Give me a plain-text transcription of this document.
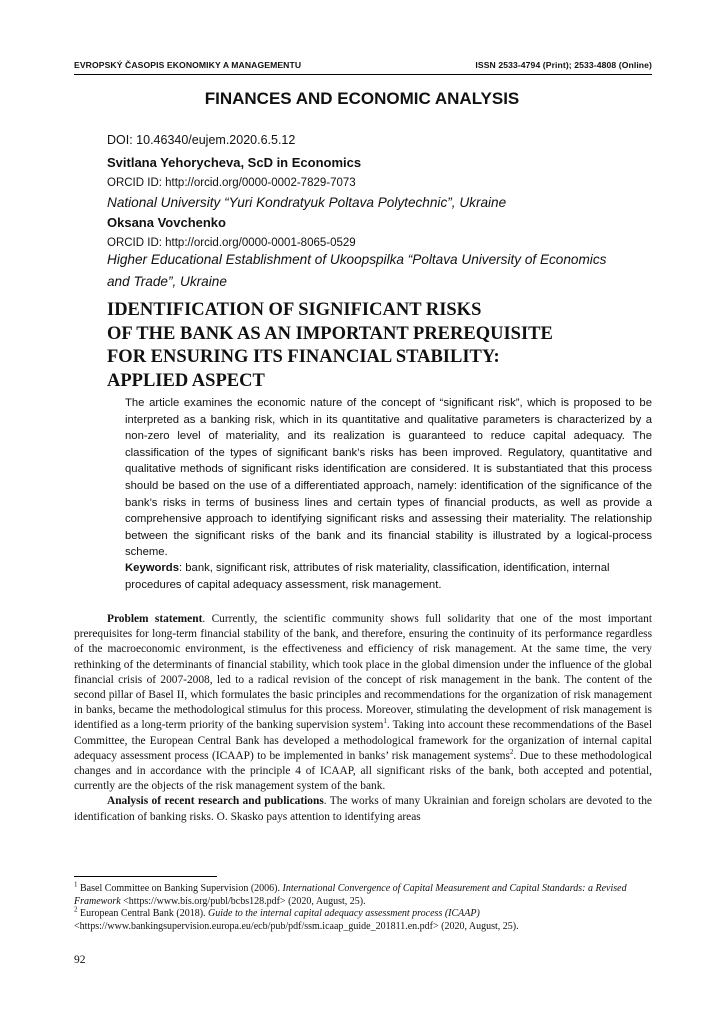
EVROPSKÝ ČASOPIS EKONOMIKY A MANAGEMENTU	ISSN 2533-4794 (Print); 2533-4808 (Online)
FINANCES AND ECONOMIC ANALYSIS
DOI: 10.46340/eujem.2020.6.5.12
Svitlana Yehorycheva, ScD in Economics
ORCID ID: http://orcid.org/0000-0002-7829-7073
National University “Yuri Kondratyuk Poltava Polytechnic”, Ukraine
Oksana Vovchenko
ORCID ID: http://orcid.org/0000-0001-8065-0529
Higher Educational Establishment of Ukoopspilka “Poltava University of Economics and Trade”, Ukraine
IDENTIFICATION OF SIGNIFICANT RISKS
OF THE BANK AS AN IMPORTANT PREREQUISITE
FOR ENSURING ITS FINANCIAL STABILITY:
APPLIED ASPECT
The article examines the economic nature of the concept of “significant risk”, which is proposed to be interpreted as a banking risk, which in its quantitative and qualitative parameters is characterized by a non-zero level of materiality, and its realization is guaranteed to reduce capital adequacy. The classification of the types of significant bank’s risks has been improved. Regulatory, quantitative and qualitative methods of significant risks identification are considered. It is substantiated that this process should be based on the use of a differentiated approach, namely: identification of the significance of the bank’s risks in terms of business lines and certain types of financial products, as well as provide a comprehensive approach to identifying significant risks and assessing their materiality. The relationship between the significant risks of the bank and its financial stability is illustrated by a logical-process scheme.
Keywords: bank, significant risk, attributes of risk materiality, classification, identification, internal procedures of capital adequacy assessment, risk management.

Problem statement. Currently, the scientific community shows full solidarity that one of the most important prerequisites for long-term financial stability of the bank, and therefore, ensuring the continuity of its performance regardless of the macroeconomic environment, is the effectiveness and efficiency of risk management. At the same time, the very rethinking of the determinants of financial stability, which took place in the global dimension under the influence of the global financial crisis of 2007-2008, led to a radical revision of the concept of risk management in the bank. The content of the second pillar of Basel II, which formulates the basic principles and recommendations for the organization of risk management in banks, became the methodological stimulus for this process. Moreover, stimulating the development of risk management is identified as a long-term priority of the banking supervision system$^1$. Taking into account these recommendations of the Basel Committee, the European Central Bank has developed a methodological framework for the organization of internal capital adequacy assessment process (ICAAP) to be implemented in banks’ risk management systems$^2$. Due to these methodological changes and in accordance with the principle 4 of ICAAP, all significant risks of the bank, both accepted and potential, currently are the objects of the risk management system of the bank.

Analysis of recent research and publications. The works of many Ukrainian and foreign scholars are devoted to the identification of banking risks. O. Skasko pays attention to identifying areas

$^1$ Basel Committee on Banking Supervision (2006). International Convergence of Capital Measurement and Capital Standards: a Revised Framework <https://www.bis.org/publ/bcbs128.pdf> (2020, August, 25).

$^2$ European Central Bank (2018). Guide to the internal capital adequacy assessment process (ICAAP) <https://www.bankingsupervision.europa.eu/ecb/pub/pdf/ssm.icaap_guide_201811.en.pdf> (2020, August, 25).

92
